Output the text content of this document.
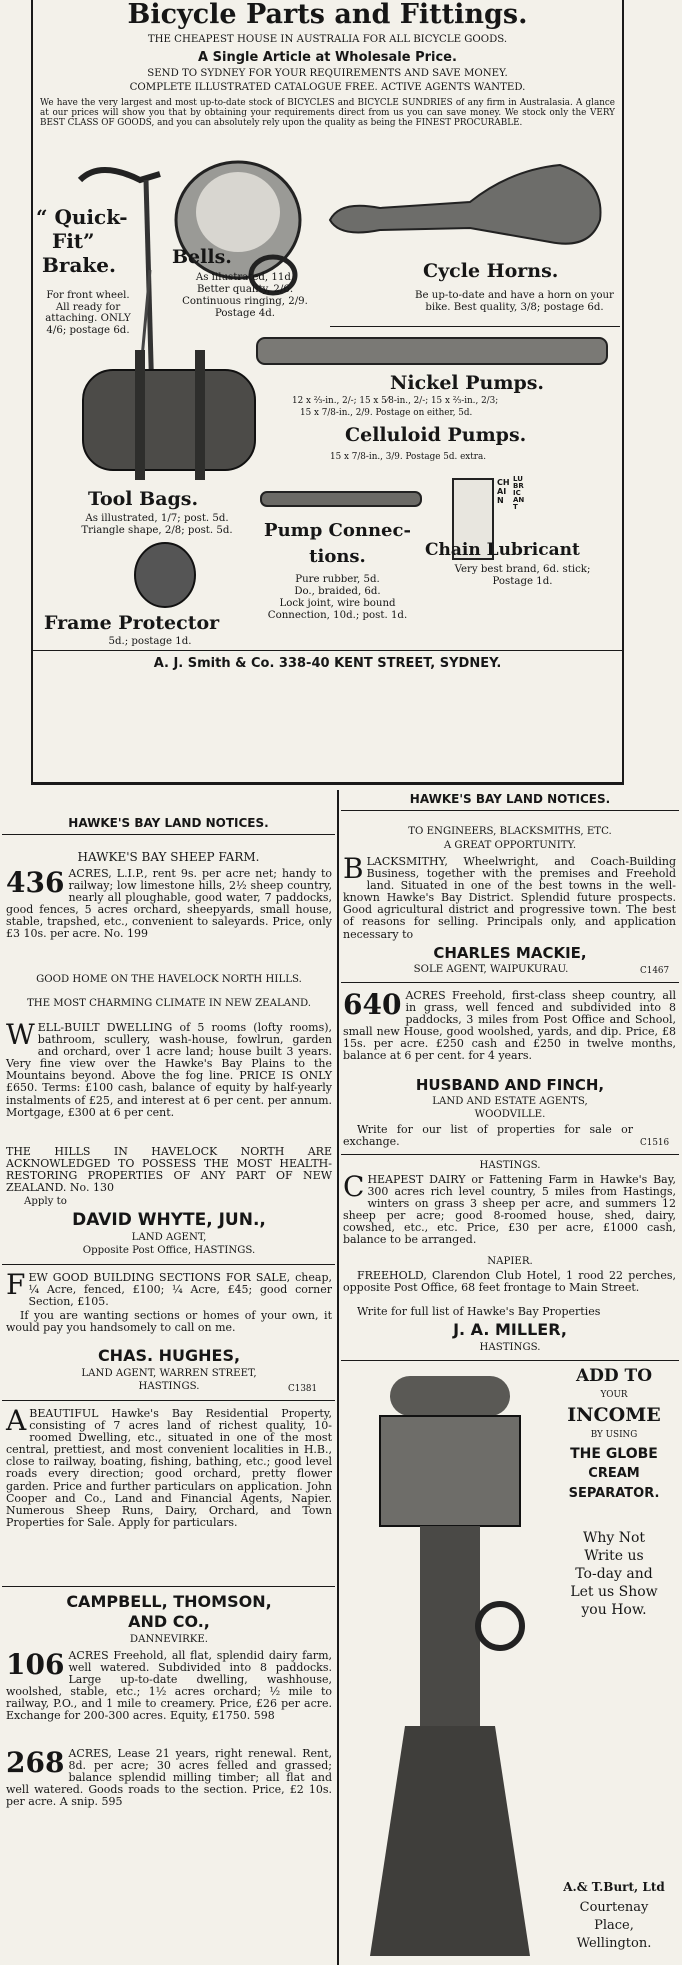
Bicycle Parts and Fittings.
THE CHEAPEST HOUSE IN AUSTRALIA FOR ALL BICYCLE GOODS.
A Single Article at Wholesale Price.
SEND TO SYDNEY FOR YOUR REQUIREMENTS AND SAVE MONEY.
COMPLETE ILLUSTRATED CATALOGUE FREE. ACTIVE AGENTS WANTED.
We have the very largest and most up-to-date stock of BICYCLES and BICYCLE SUNDRIES of any firm in Australasia. A glance at our prices will show you that by obtaining your requirements direct from us you can save money. We stock only the VERY BEST CLASS OF GOODS, and you can absolutely rely upon the quality as being the FINEST PROCURABLE.
“ Quick-
Fit”
Brake.
For front wheel. All ready for attaching. ONLY 4/6; postage 6d.
Bells.
As illustrated, 11d.
Better quality, 2/6.
Continuous ringing, 2/9.
Postage 4d.
Cycle Horns.
Be up-to-date and have a horn on your bike. Best quality, 3/8; postage 6d.
Nickel Pumps.
12 x ⅔-in., 2/-; 15 x 5⁄8-in., 2/-; 15 x ⅔-in., 2/3;
15 x 7/8-in., 2/9. Postage on either, 5d.
Celluloid Pumps.
15 x 7/8-in., 3/9. Postage 5d. extra.
Tool Bags.
As illustrated, 1/7; post. 5d.
Triangle shape, 2/8; post. 5d.	Pump Connec-
tions.
Pure rubber, 5d.
Do., braided, 6d.
Lock joint, wire bound
Connection, 10d.; post. 1d.
CHAIN
LUBRICANT
Chain Lubricant
Very best brand, 6d. stick;
Postage 1d.
Frame Protector
5d.; postage 1d.
A. J. Smith & Co. 338-40 KENT STREET, SYDNEY.
HAWKE'S BAY LAND NOTICES.
HAWKE'S BAY SHEEP FARM.
436 ACRES, L.I.P., rent 9s. per acre net; handy to railway; low limestone hills, 2½ sheep country, nearly all ploughable, good water, 7 paddocks, good fences, 5 acres orchard, sheepyards, small house, stable, trapshed, etc., convenient to saleyards. Price, only £3 10s. per acre. No. 199
GOOD HOME ON THE HAVELOCK NORTH HILLS.
THE MOST CHARMING CLIMATE IN NEW ZEALAND.
W ELL-BUILT DWELLING of 5 rooms (lofty rooms), bathroom, scullery, wash-house, fowlrun, garden and orchard, over 1 acre land; house built 3 years. Very fine view over the Hawke's Bay Plains to the Mountains beyond. Above the fog line. PRICE IS ONLY £650. Terms: £100 cash, balance of equity by half-yearly instalments of £25, and interest at 6 per cent. per annum. Mortgage, £300 at 6 per cent.
THE HILLS IN HAVELOCK NORTH ARE ACKNOWLEDGED TO POSSESS THE MOST HEALTH-RESTORING PROPERTIES OF ANY PART OF NEW ZEALAND. No. 130
Apply to
DAVID WHYTE, JUN.,
LAND AGENT,
Opposite Post Office, HASTINGS.
F EW GOOD BUILDING SECTIONS FOR SALE, cheap, ¼ Acre, fenced, £100; ¼ Acre, £45; good corner Section, £105.
If you are wanting sections or homes of your own, it would pay you handsomely to call on me.
CHAS. HUGHES,
LAND AGENT, WARREN STREET,
HASTINGS.	C1381
A BEAUTIFUL Hawke's Bay Residential Property, consisting of 7 acres land of richest quality, 10-roomed Dwelling, etc., situated in one of the most central, prettiest, and most convenient localities in H.B., close to railway, boating, fishing, bathing, etc.; good level roads every direction; good orchard, pretty flower garden. Price and further particulars on application. John Cooper and Co., Land and Financial Agents, Napier. Numerous Sheep Runs, Dairy, Orchard, and Town Properties for Sale. Apply for particulars.
CAMPBELL, THOMSON,
AND CO.,
DANNEVIRKE.
106 ACRES Freehold, all flat, splendid dairy farm, well watered. Subdivided into 8 paddocks. Large up-to-date dwelling, washhouse, woolshed, stable, etc.; 1½ acres orchard; ½ mile to railway, P.O., and 1 mile to creamery. Price, £26 per acre. Exchange for 200-300 acres. Equity, £1750. 598
268 ACRES, Lease 21 years, right renewal. Rent, 8d. per acre; 30 acres felled and grassed; balance splendid milling timber; all flat and well watered. Goods roads to the section. Price, £2 10s. per acre. A snip. 595
HAWKE'S BAY LAND NOTICES.
TO ENGINEERS, BLACKSMITHS, ETC.
A GREAT OPPORTUNITY.
B LACKSMITHY, Wheelwright, and Coach-Building Business, together with the premises and Freehold land. Situated in one of the best towns in the well-known Hawke's Bay District. Splendid future prospects. Good agricultural district and progressive town. The best of reasons for selling. Principals only, and application necessary to
CHARLES MACKIE,
SOLE AGENT, WAIPUKURAU.	C1467
640 ACRES Freehold, first-class sheep country, all in grass, well fenced and subdivided into 8 paddocks, 3 miles from Post Office and School, small new House, good woolshed, yards, and dip. Price, £8 15s. per acre. £250 cash and £250 in twelve months, balance at 6 per cent. for 4 years.
HUSBAND AND FINCH,
LAND AND ESTATE AGENTS,
WOODVILLE.
Write for our list of properties for sale or exchange.	C1516
HASTINGS.
C HEAPEST DAIRY or Fattening Farm in Hawke's Bay, 300 acres rich level country, 5 miles from Hastings, winters on grass 3 sheep per acre, and summers 12 sheep per acre; good 8-roomed house, shed, dairy, cowshed, etc., etc. Price, £30 per acre, £1000 cash, balance to be arranged.
NAPIER.
FREEHOLD, Clarendon Club Hotel, 1 rood 22 perches, opposite Post Office, 68 feet frontage to Main Street.
Write for full list of Hawke's Bay Properties
J. A. MILLER,
HASTINGS.
ADD TO
YOUR
INCOME
BY USING
THE GLOBE
CREAM
SEPARATOR.
Why Not
Write us
To-day and
Let us Show
you How.
A.& T.Burt, Ltd
Courtenay
Place,
Wellington.
